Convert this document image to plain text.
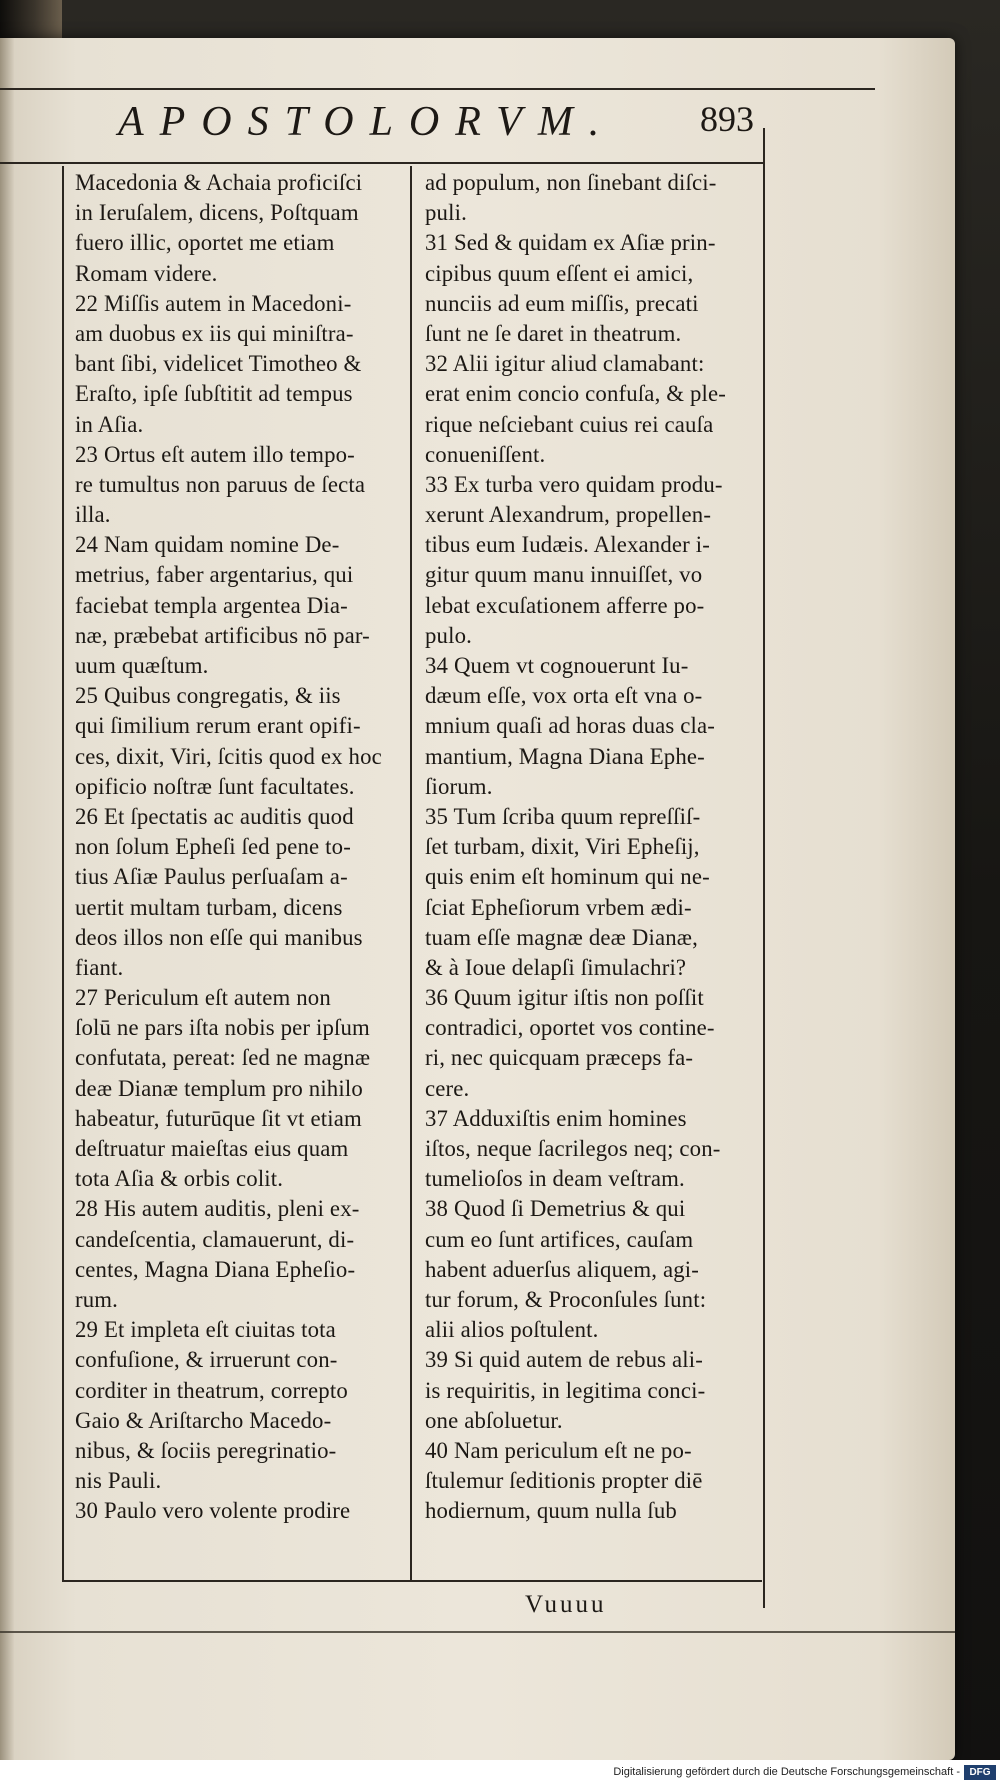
APOSTOLORVM.	893
Macedonia & Achaia proficiſci
in Ieruſalem, dicens, Poſtquam
fuero illic, oportet me etiam
Romam videre.
22 Miſſis autem in Macedoni-
am duobus ex iis qui miniſtra-
bant ſibi, videlicet Timotheo &
Eraſto, ipſe ſubſtitit ad tempus
in Aſia.
23 Ortus eſt autem illo tempo-
re tumultus non paruus de ſecta
illa.
24 Nam quidam nomine De-
metrius, faber argentarius, qui
faciebat templa argentea Dia-
næ, præbebat artificibus nō par-
uum quæſtum.
25 Quibus congregatis, & iis
qui ſimilium rerum erant opifi-
ces, dixit, Viri, ſcitis quod ex hoc
opificio noſtræ ſunt facultates.
26 Et ſpectatis ac auditis quod
non ſolum Epheſi ſed pene to-
tius Aſiæ Paulus perſuaſam a-
uertit multam turbam, dicens
deos illos non eſſe qui manibus
fiant.
27 Periculum eſt autem non
ſolū ne pars iſta nobis per ipſum
confutata, pereat: ſed ne magnæ
deæ Dianæ templum pro nihilo
habeatur, futurūque ſit vt etiam
deſtruatur maieſtas eius quam
tota Aſia & orbis colit.
28 His autem auditis, pleni ex-
candeſcentia, clamauerunt, di-
centes, Magna Diana Epheſio-
rum.
29 Et impleta eſt ciuitas tota
confuſione, & irruerunt con-
corditer in theatrum, correpto
Gaio & Ariſtarcho Macedo-
nibus, & ſociis peregrinatio-
nis Pauli.
30 Paulo vero volente prodire
ad populum, non ſinebant diſci-
puli.
31 Sed & quidam ex Aſiæ prin-
cipibus quum eſſent ei amici,
nunciis ad eum miſſis, precati
ſunt ne ſe daret in theatrum.
32 Alii igitur aliud clamabant:
erat enim concio confuſa, & ple-
rique neſciebant cuius rei cauſa
conueniſſent.
33 Ex turba vero quidam produ-
xerunt Alexandrum, propellen-
tibus eum Iudæis. Alexander i-
gitur quum manu innuiſſet, vo
lebat excuſationem afferre po-
pulo.
34 Quem vt cognouerunt Iu-
dæum eſſe, vox orta eſt vna o-
mnium quaſi ad horas duas cla-
mantium, Magna Diana Ephe-
ſiorum.
35 Tum ſcriba quum repreſſiſ-
ſet turbam, dixit, Viri Epheſij,
quis enim eſt hominum qui ne-
ſciat Epheſiorum vrbem ædi-
tuam eſſe magnæ deæ Dianæ,
& à Ioue delapſi ſimulachri?
36 Quum igitur iſtis non poſſit
contradici, oportet vos contine-
ri, nec quicquam præceps fa-
cere.
37 Adduxiſtis enim homines
iſtos, neque ſacrilegos neq; con-
tumelioſos in deam veſtram.
38 Quod ſi Demetrius & qui
cum eo ſunt artifices, cauſam
habent aduerſus aliquem, agi-
tur forum, & Proconſules ſunt:
alii alios poſtulent.
39 Si quid autem de rebus ali-
is requiritis, in legitima conci-
one abſoluetur.
40 Nam periculum eſt ne po-
ſtulemur ſeditionis propter diē
hodiernum, quum nulla ſub
Vuuuu
Digitalisierung gefördert durch die Deutsche Forschungsgemeinschaft - DFG
